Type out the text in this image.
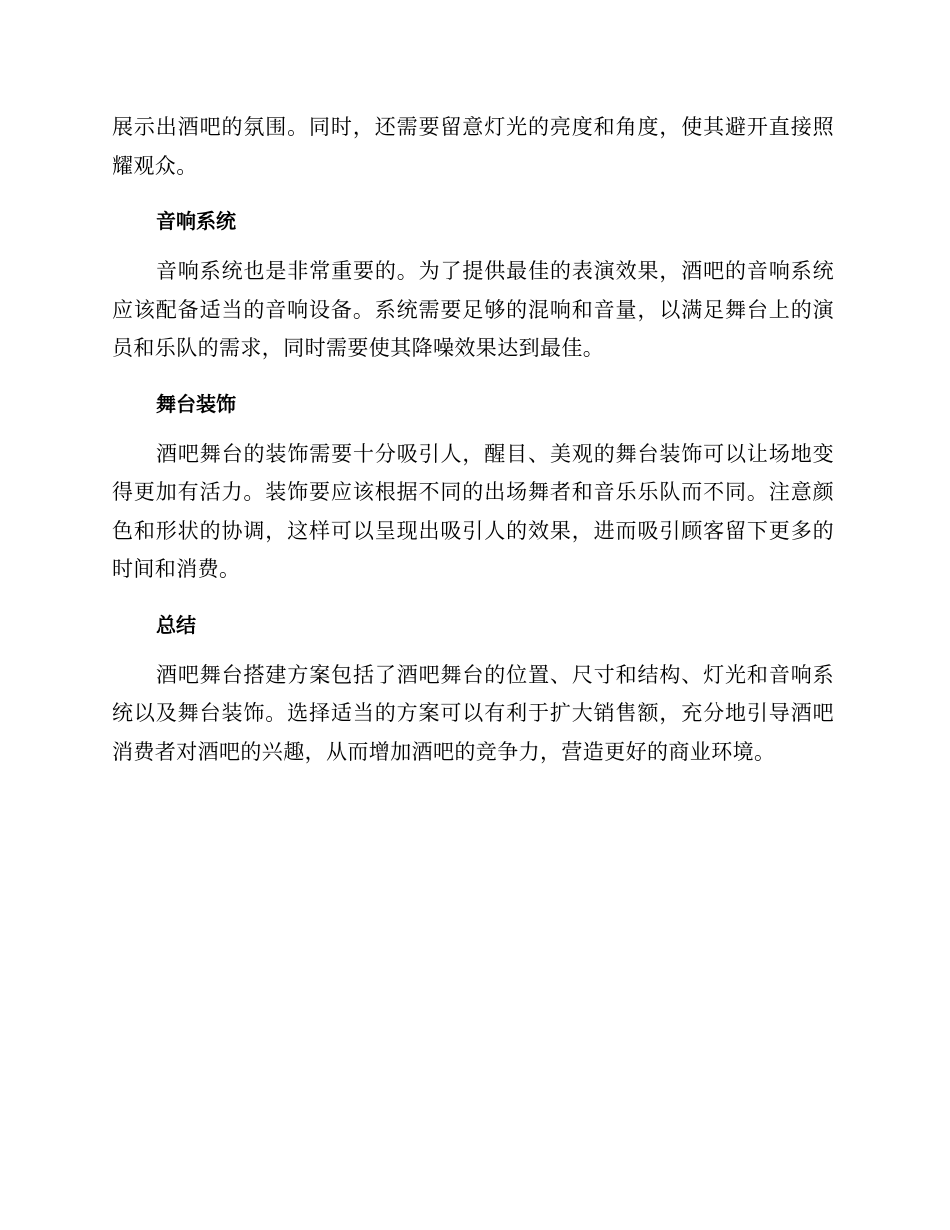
展示出酒吧的氛围。同时，还需要留意灯光的亮度和角度，使其避开直接照耀观众。

音响系统

音响系统也是非常重要的。为了提供最佳的表演效果，酒吧的音响系统应该配备适当的音响设备。系统需要足够的混响和音量，以满足舞台上的演员和乐队的需求，同时需要使其降噪效果达到最佳。

舞台装饰

酒吧舞台的装饰需要十分吸引人，醒目、美观的舞台装饰可以让场地变得更加有活力。装饰要应该根据不同的出场舞者和音乐乐队而不同。注意颜色和形状的协调，这样可以呈现出吸引人的效果，进而吸引顾客留下更多的时间和消费。

总结

酒吧舞台搭建方案包括了酒吧舞台的位置、尺寸和结构、灯光和音响系统以及舞台装饰。选择适当的方案可以有利于扩大销售额，充分地引导酒吧消费者对酒吧的兴趣，从而增加酒吧的竞争力，营造更好的商业环境。
